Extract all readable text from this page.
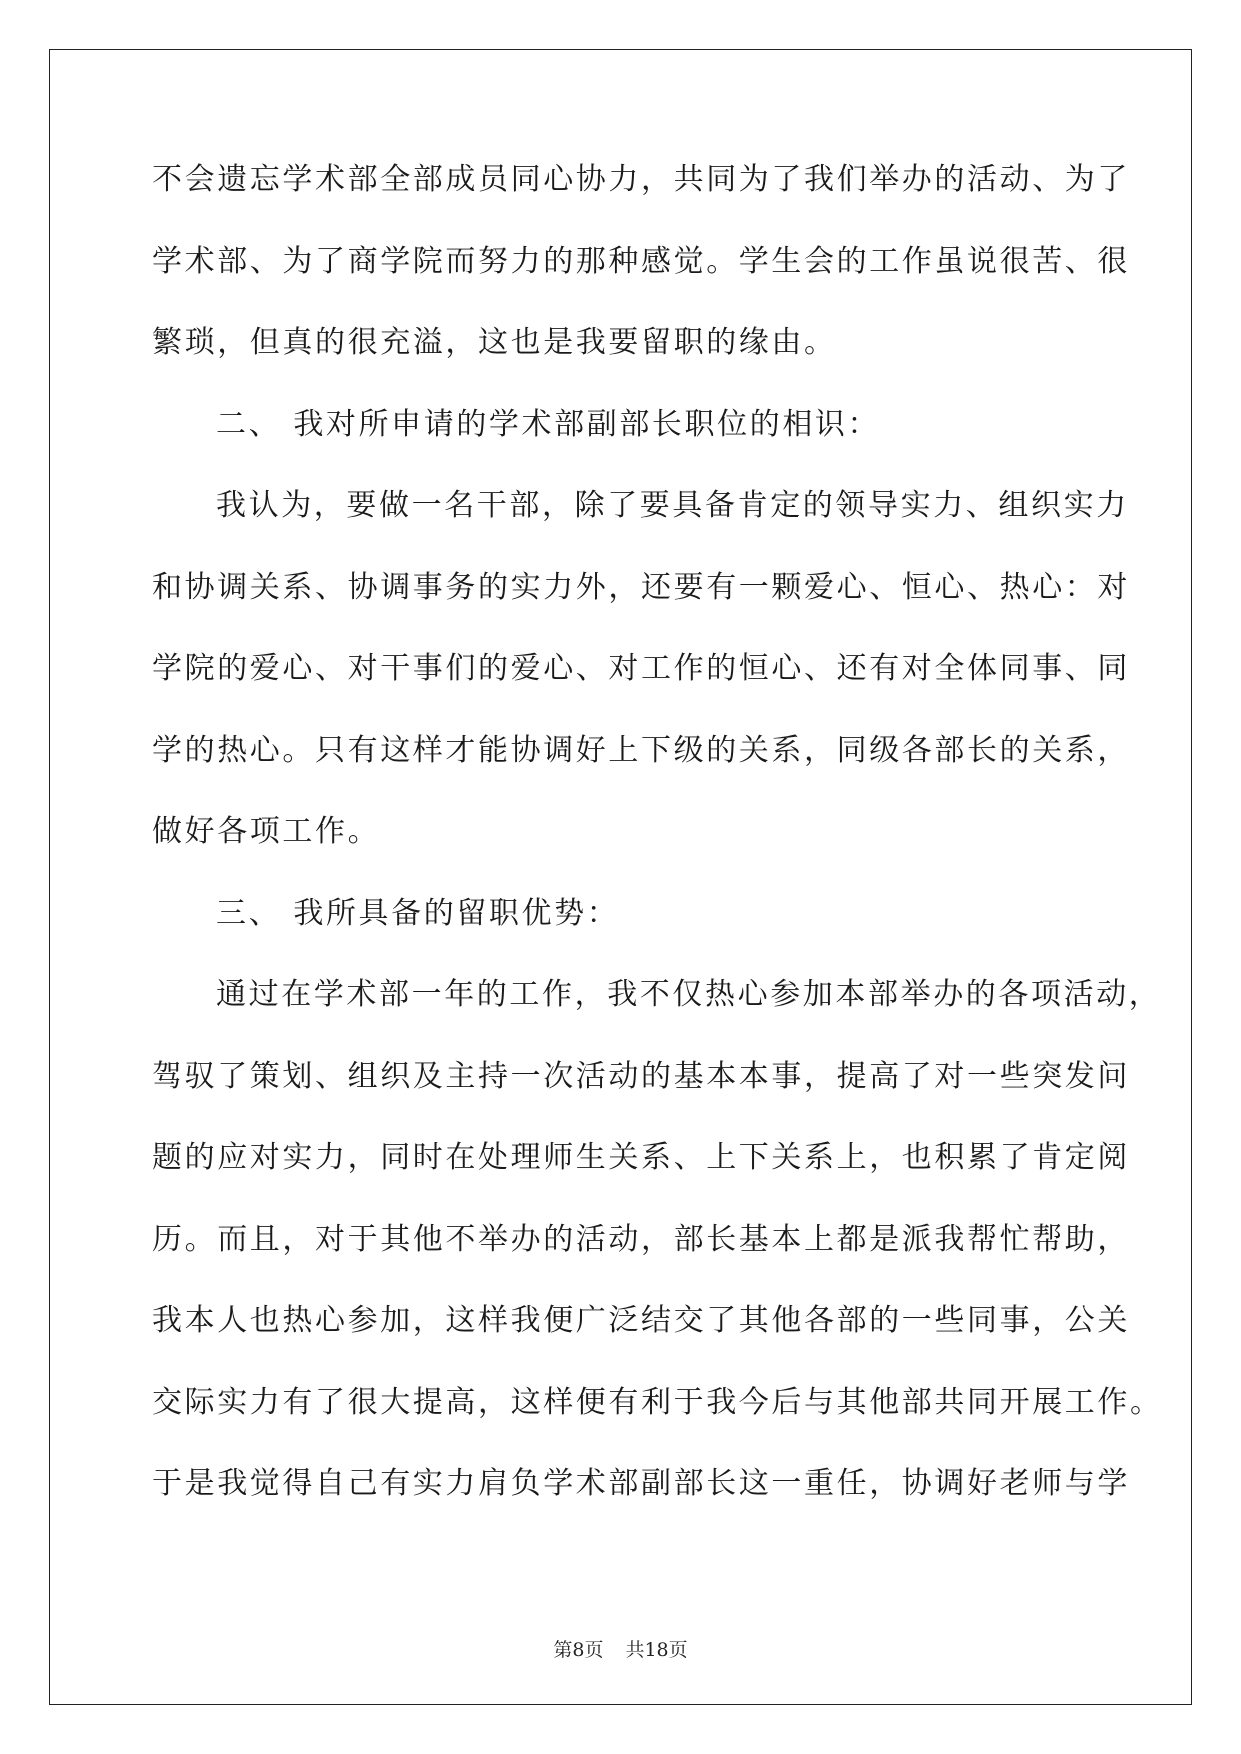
不会遗忘学术部全部成员同心协力，共同为了我们举办的活动、为了
学术部、为了商学院而努力的那种感觉。学生会的工作虽说很苦、很
繁琐，但真的很充溢，这也是我要留职的缘由。
二、 我对所申请的学术部副部长职位的相识：
我认为，要做一名干部，除了要具备肯定的领导实力、组织实力
和协调关系、协调事务的实力外，还要有一颗爱心、恒心、热心：对
学院的爱心、对干事们的爱心、对工作的恒心、还有对全体同事、同
学的热心。只有这样才能协调好上下级的关系，同级各部长的关系，
做好各项工作。
三、 我所具备的留职优势：
通过在学术部一年的工作，我不仅热心参加本部举办的各项活动，
驾驭了策划、组织及主持一次活动的基本本事，提高了对一些突发问
题的应对实力，同时在处理师生关系、上下关系上，也积累了肯定阅
历。而且，对于其他不举办的活动，部长基本上都是派我帮忙帮助，
我本人也热心参加，这样我便广泛结交了其他各部的一些同事，公关
交际实力有了很大提高，这样便有利于我今后与其他部共同开展工作。
于是我觉得自己有实力肩负学术部副部长这一重任，协调好老师与学
第8页 共18页
